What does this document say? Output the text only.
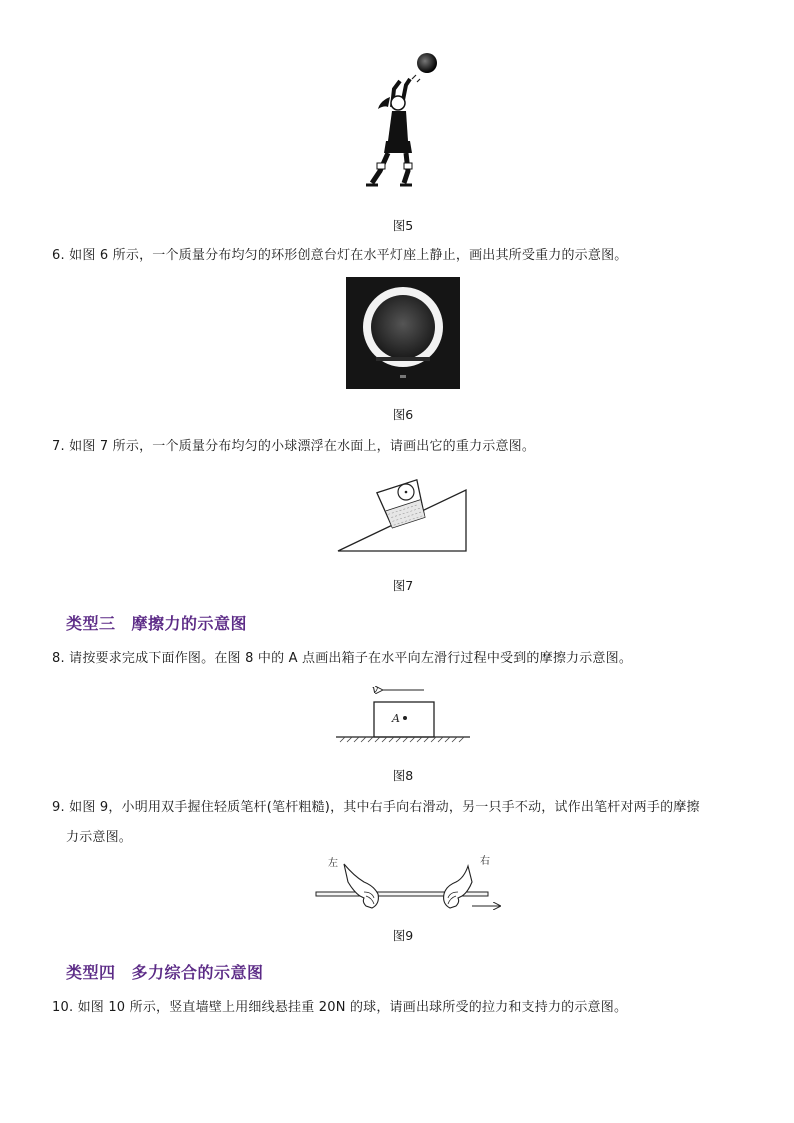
图5
6. 如图 6 所示，一个质量分布均匀的环形创意台灯在水平灯座上静止，画出其所受重力的示意图。
图6
7. 如图 7 所示，一个质量分布均匀的小球漂浮在水面上，请画出它的重力示意图。
图7
类型三 摩擦力的示意图
8. 请按要求完成下面作图。在图 8 中的 A 点画出箱子在水平向左滑行过程中受到的摩擦力示意图。
v
A
图8
9. 如图 9，小明用双手握住轻质笔杆(笔杆粗糙)，其中右手向右滑动，另一只手不动，试作出笔杆对两手的摩擦
力示意图。
左	右
图9
类型四 多力综合的示意图
10. 如图 10 所示，竖直墙壁上用细线悬挂重 20N 的球，请画出球所受的拉力和支持力的示意图。
